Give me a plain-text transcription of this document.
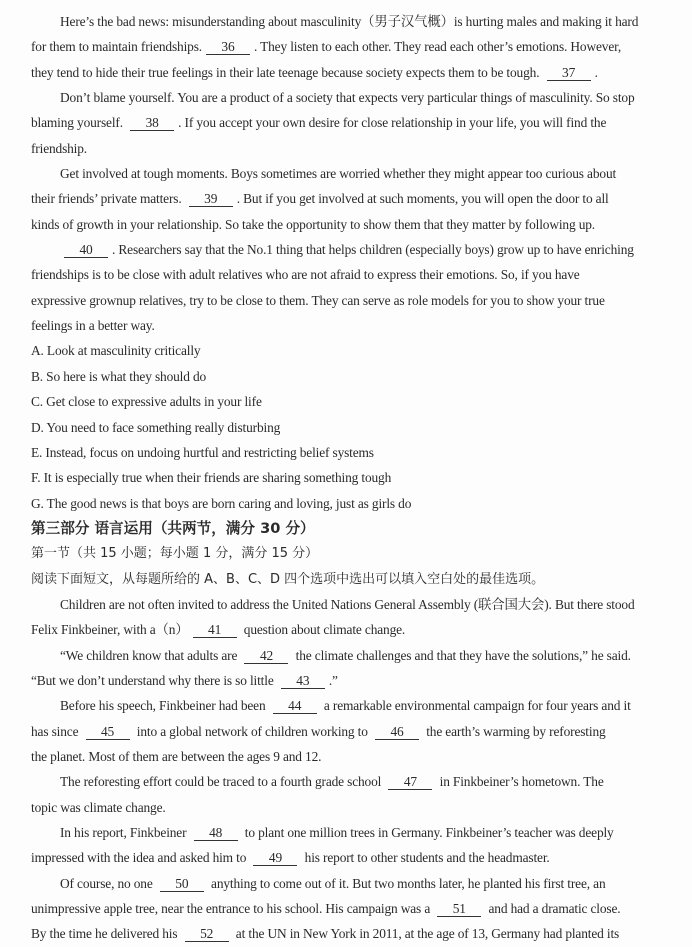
Here’s the bad news: misunderstanding about masculinity（男子汉气概）is hurting males and making it hard
for them to maintain friendships. 36 . They listen to each other. They read each other’s emotions. However,
they tend to hide their true feelings in their late teenage because society expects them to be tough. 37 .
Don’t blame yourself. You are a product of a society that expects very particular things of masculinity. So stop
blaming yourself. 38 . If you accept your own desire for close relationship in your life, you will find the
friendship.
Get involved at tough moments. Boys sometimes are worried whether they might appear too curious about
their friends’ private matters. 39 . But if you get involved at such moments, you will open the door to all
kinds of growth in your relationship. So take the opportunity to show them that they matter by following up.
40 . Researchers say that the No.1 thing that helps children (especially boys) grow up to have enriching
friendships is to be close with adult relatives who are not afraid to express their emotions. So, if you have
expressive grownup relatives, try to be close to them. They can serve as role models for you to show your true
feelings in a better way.
A. Look at masculinity critically
B. So here is what they should do
C. Get close to expressive adults in your life
D. You need to face something really disturbing
E. Instead, focus on undoing hurtful and restricting belief systems
F. It is especially true when their friends are sharing something tough
G. The good news is that boys are born caring and loving, just as girls do
第三部分 语言运用（共两节，满分 30 分）
第一节（共 15 小题；每小题 1 分，满分 15 分）
阅读下面短文，从每题所给的 A、B、C、D 四个选项中选出可以填入空白处的最佳选项。
Children are not often invited to address the United Nations General Assembly (联合国大会). But there stood
Felix Finkbeiner, with a（n） 41 question about climate change.
“We children know that adults are 42 the climate challenges and that they have the solutions,” he said.
“But we don’t understand why there is so little 43 .”
Before his speech, Finkbeiner had been 44 a remarkable environmental campaign for four years and it
has since 45 into a global network of children working to 46 the earth’s warming by reforesting
the planet. Most of them are between the ages 9 and 12.
The reforesting effort could be traced to a fourth grade school 47 in Finkbeiner’s hometown. The
topic was climate change.
In his report, Finkbeiner 48 to plant one million trees in Germany. Finkbeiner’s teacher was deeply
impressed with the idea and asked him to 49 his report to other students and the headmaster.
Of course, no one 50 anything to come out of it. But two months later, he planted his first tree, an
unimpressive apple tree, near the entrance to his school. His campaign was a 51 and had a dramatic close.
By the time he delivered his 52 at the UN in New York in 2011, at the age of 13, Germany had planted its
